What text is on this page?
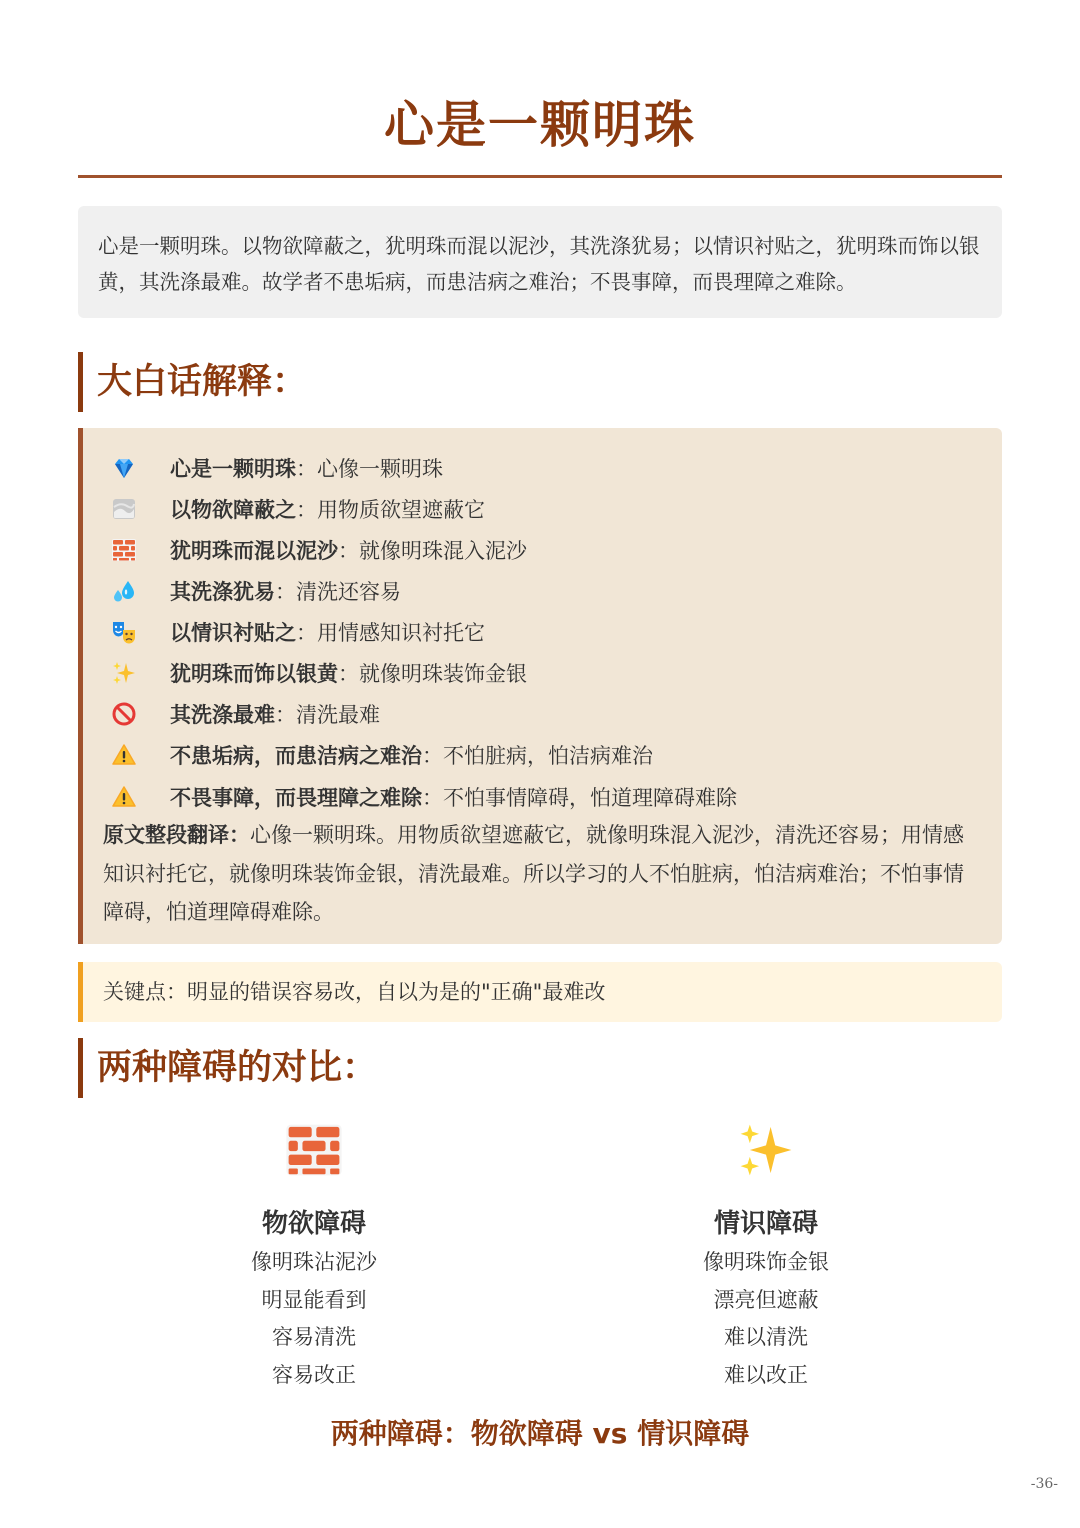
心是一颗明珠
心是一颗明珠。以物欲障蔽之，犹明珠而混以泥沙，其洗涤犹易；以情识衬贴之，犹明珠而饰以银黄，其洗涤最难。故学者不患垢病，而患洁病之难治；不畏事障，而畏理障之难除。
大白话解释：
心是一颗明珠 ： 心像一颗明珠
以物欲障蔽之 ： 用物质欲望遮蔽它
犹明珠而混以泥沙 ： 就像明珠混入泥沙
其洗涤犹易 ： 清洗还容易
以情识衬贴之 ： 用情感知识衬托它
犹明珠而饰以银黄 ： 就像明珠装饰金银
其洗涤最难 ： 清洗最难
不患垢病，而患洁病之难治 ： 不怕脏病，怕洁病难治
不畏事障，而畏理障之难除 ： 不怕事情障碍，怕道理障碍难除
原文整段翻译：心像一颗明珠。用物质欲望遮蔽它，就像明珠混入泥沙，清洗还容易；用情感知识衬托它，就像明珠装饰金银，清洗最难。所以学习的人不怕脏病，怕洁病难治；不怕事情障碍，怕道理障碍难除。
关键点：明显的错误容易改，自以为是的"正确"最难改
两种障碍的对比：
物欲障碍
像明珠沾泥沙
明显能看到
容易清洗
容易改正
情识障碍
像明珠饰金银
漂亮但遮蔽
难以清洗
难以改正
两种障碍：物欲障碍 vs 情识障碍
-36-
